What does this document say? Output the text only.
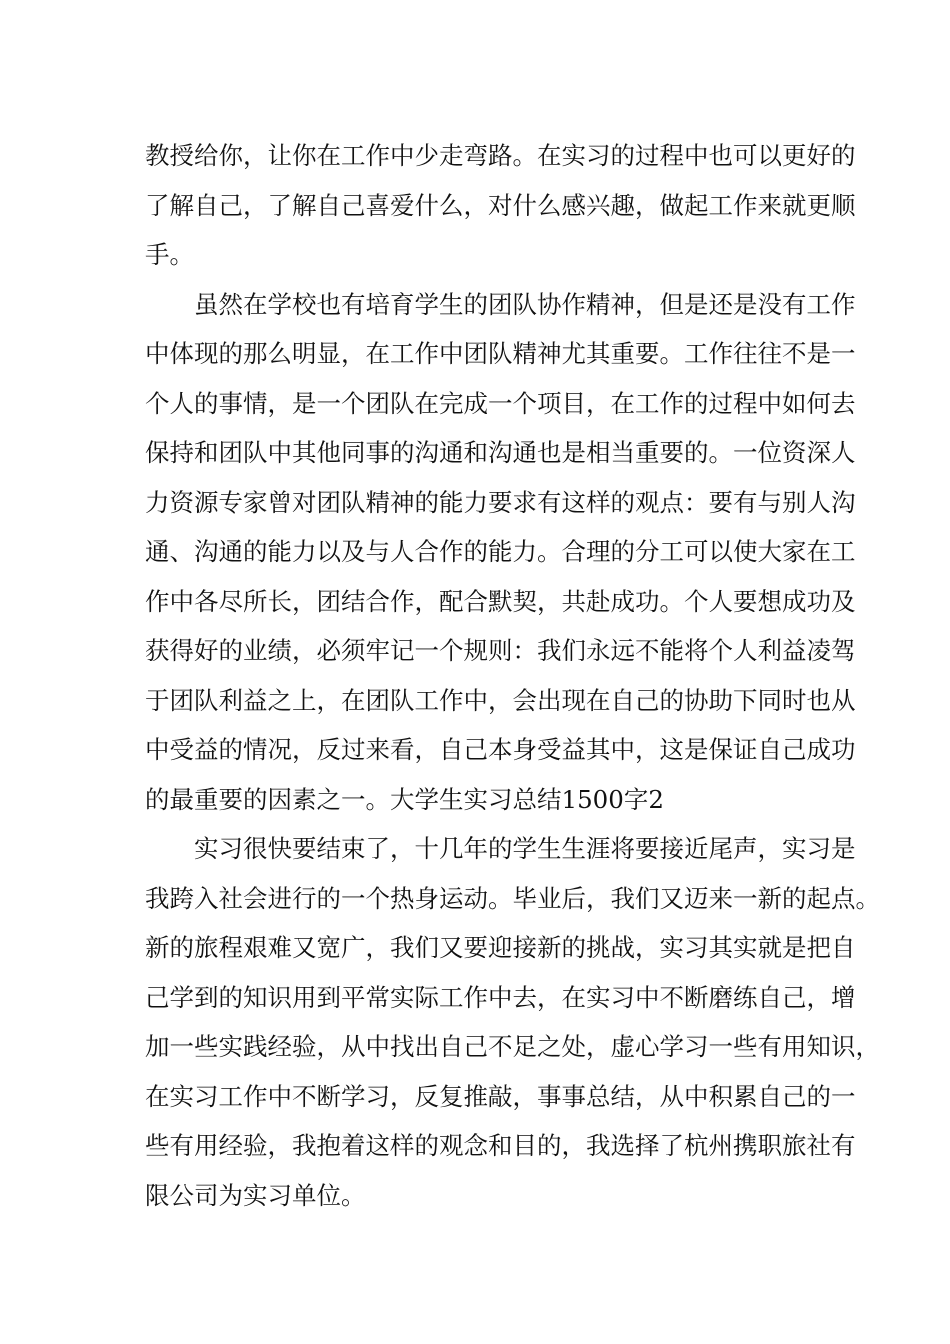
教授给你，让你在工作中少走弯路。在实习的过程中也可以更好的
了解自己，了解自己喜爱什么，对什么感兴趣，做起工作来就更顺
手。
虽然在学校也有培育学生的团队协作精神，但是还是没有工作
中体现的那么明显，在工作中团队精神尤其重要。工作往往不是一
个人的事情，是一个团队在完成一个项目，在工作的过程中如何去
保持和团队中其他同事的沟通和沟通也是相当重要的。一位资深人
力资源专家曾对团队精神的能力要求有这样的观点：要有与别人沟
通、沟通的能力以及与人合作的能力。合理的分工可以使大家在工
作中各尽所长，团结合作，配合默契，共赴成功。个人要想成功及
获得好的业绩，必须牢记一个规则：我们永远不能将个人利益凌驾
于团队利益之上，在团队工作中，会出现在自己的协助下同时也从
中受益的情况，反过来看，自己本身受益其中，这是保证自己成功
的最重要的因素之一。大学生实习总结1500字2
实习很快要结束了，十几年的学生生涯将要接近尾声，实习是
我跨入社会进行的一个热身运动。毕业后，我们又迈来一新的起点。
新的旅程艰难又宽广，我们又要迎接新的挑战，实习其实就是把自
己学到的知识用到平常实际工作中去，在实习中不断磨练自己，增
加一些实践经验，从中找出自己不足之处，虚心学习一些有用知识，
在实习工作中不断学习，反复推敲，事事总结，从中积累自己的一
些有用经验，我抱着这样的观念和目的，我选择了杭州携职旅社有
限公司为实习单位。
